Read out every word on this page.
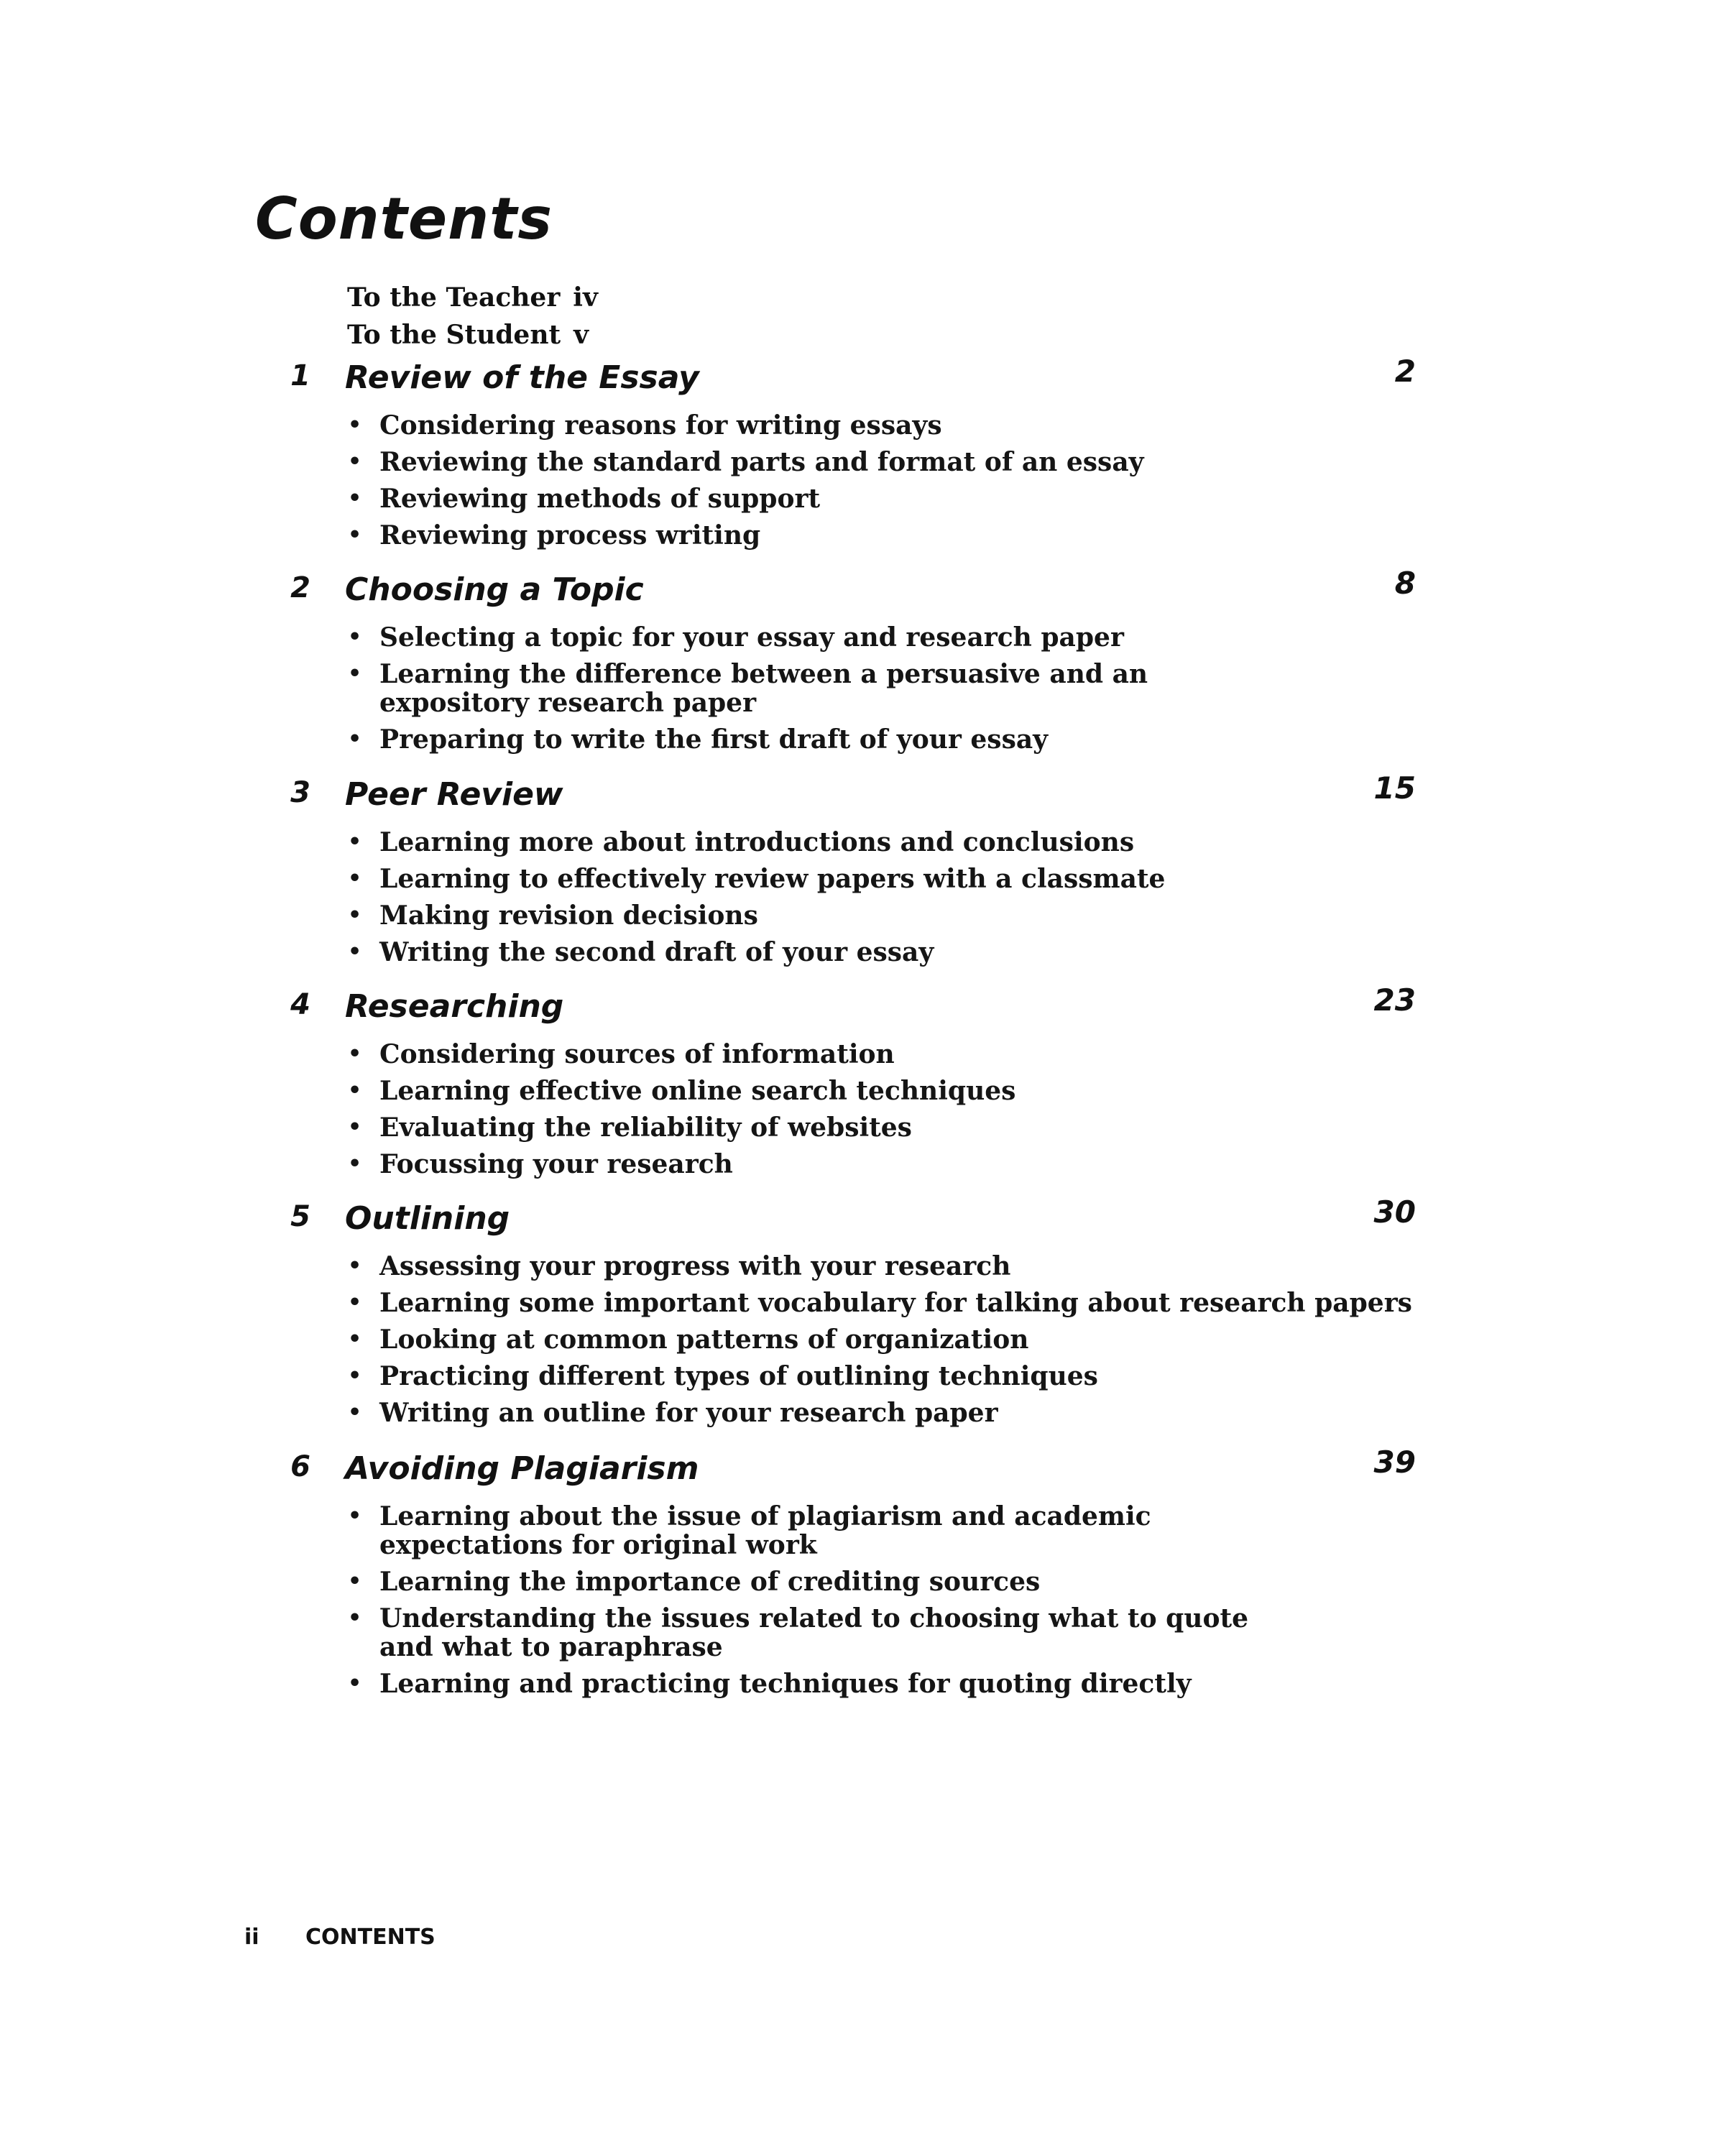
Contents
To the Teacher iv
To the Student v
1 Review of the Essay	2
• Considering reasons for writing essays
• Reviewing the standard parts and format of an essay
• Reviewing methods of support
• Reviewing process writing
2 Choosing a Topic	8
• Selecting a topic for your essay and research paper
• Learning the difference between a persuasive and an expository research paper
• Preparing to write the first draft of your essay
3 Peer Review	15
• Learning more about introductions and conclusions
• Learning to effectively review papers with a classmate
• Making revision decisions
• Writing the second draft of your essay
4 Researching	23
• Considering sources of information
• Learning effective online search techniques
• Evaluating the reliability of websites
• Focussing your research
5 Outlining	30
• Assessing your progress with your research
• Learning some important vocabulary for talking about research papers
• Looking at common patterns of organization
• Practicing different types of outlining techniques
• Writing an outline for your research paper
6 Avoiding Plagiarism	39
• Learning about the issue of plagiarism and academic expectations for original work
• Learning the importance of crediting sources
• Understanding the issues related to choosing what to quote and what to paraphrase
• Learning and practicing techniques for quoting directly
ii CONTENTS
